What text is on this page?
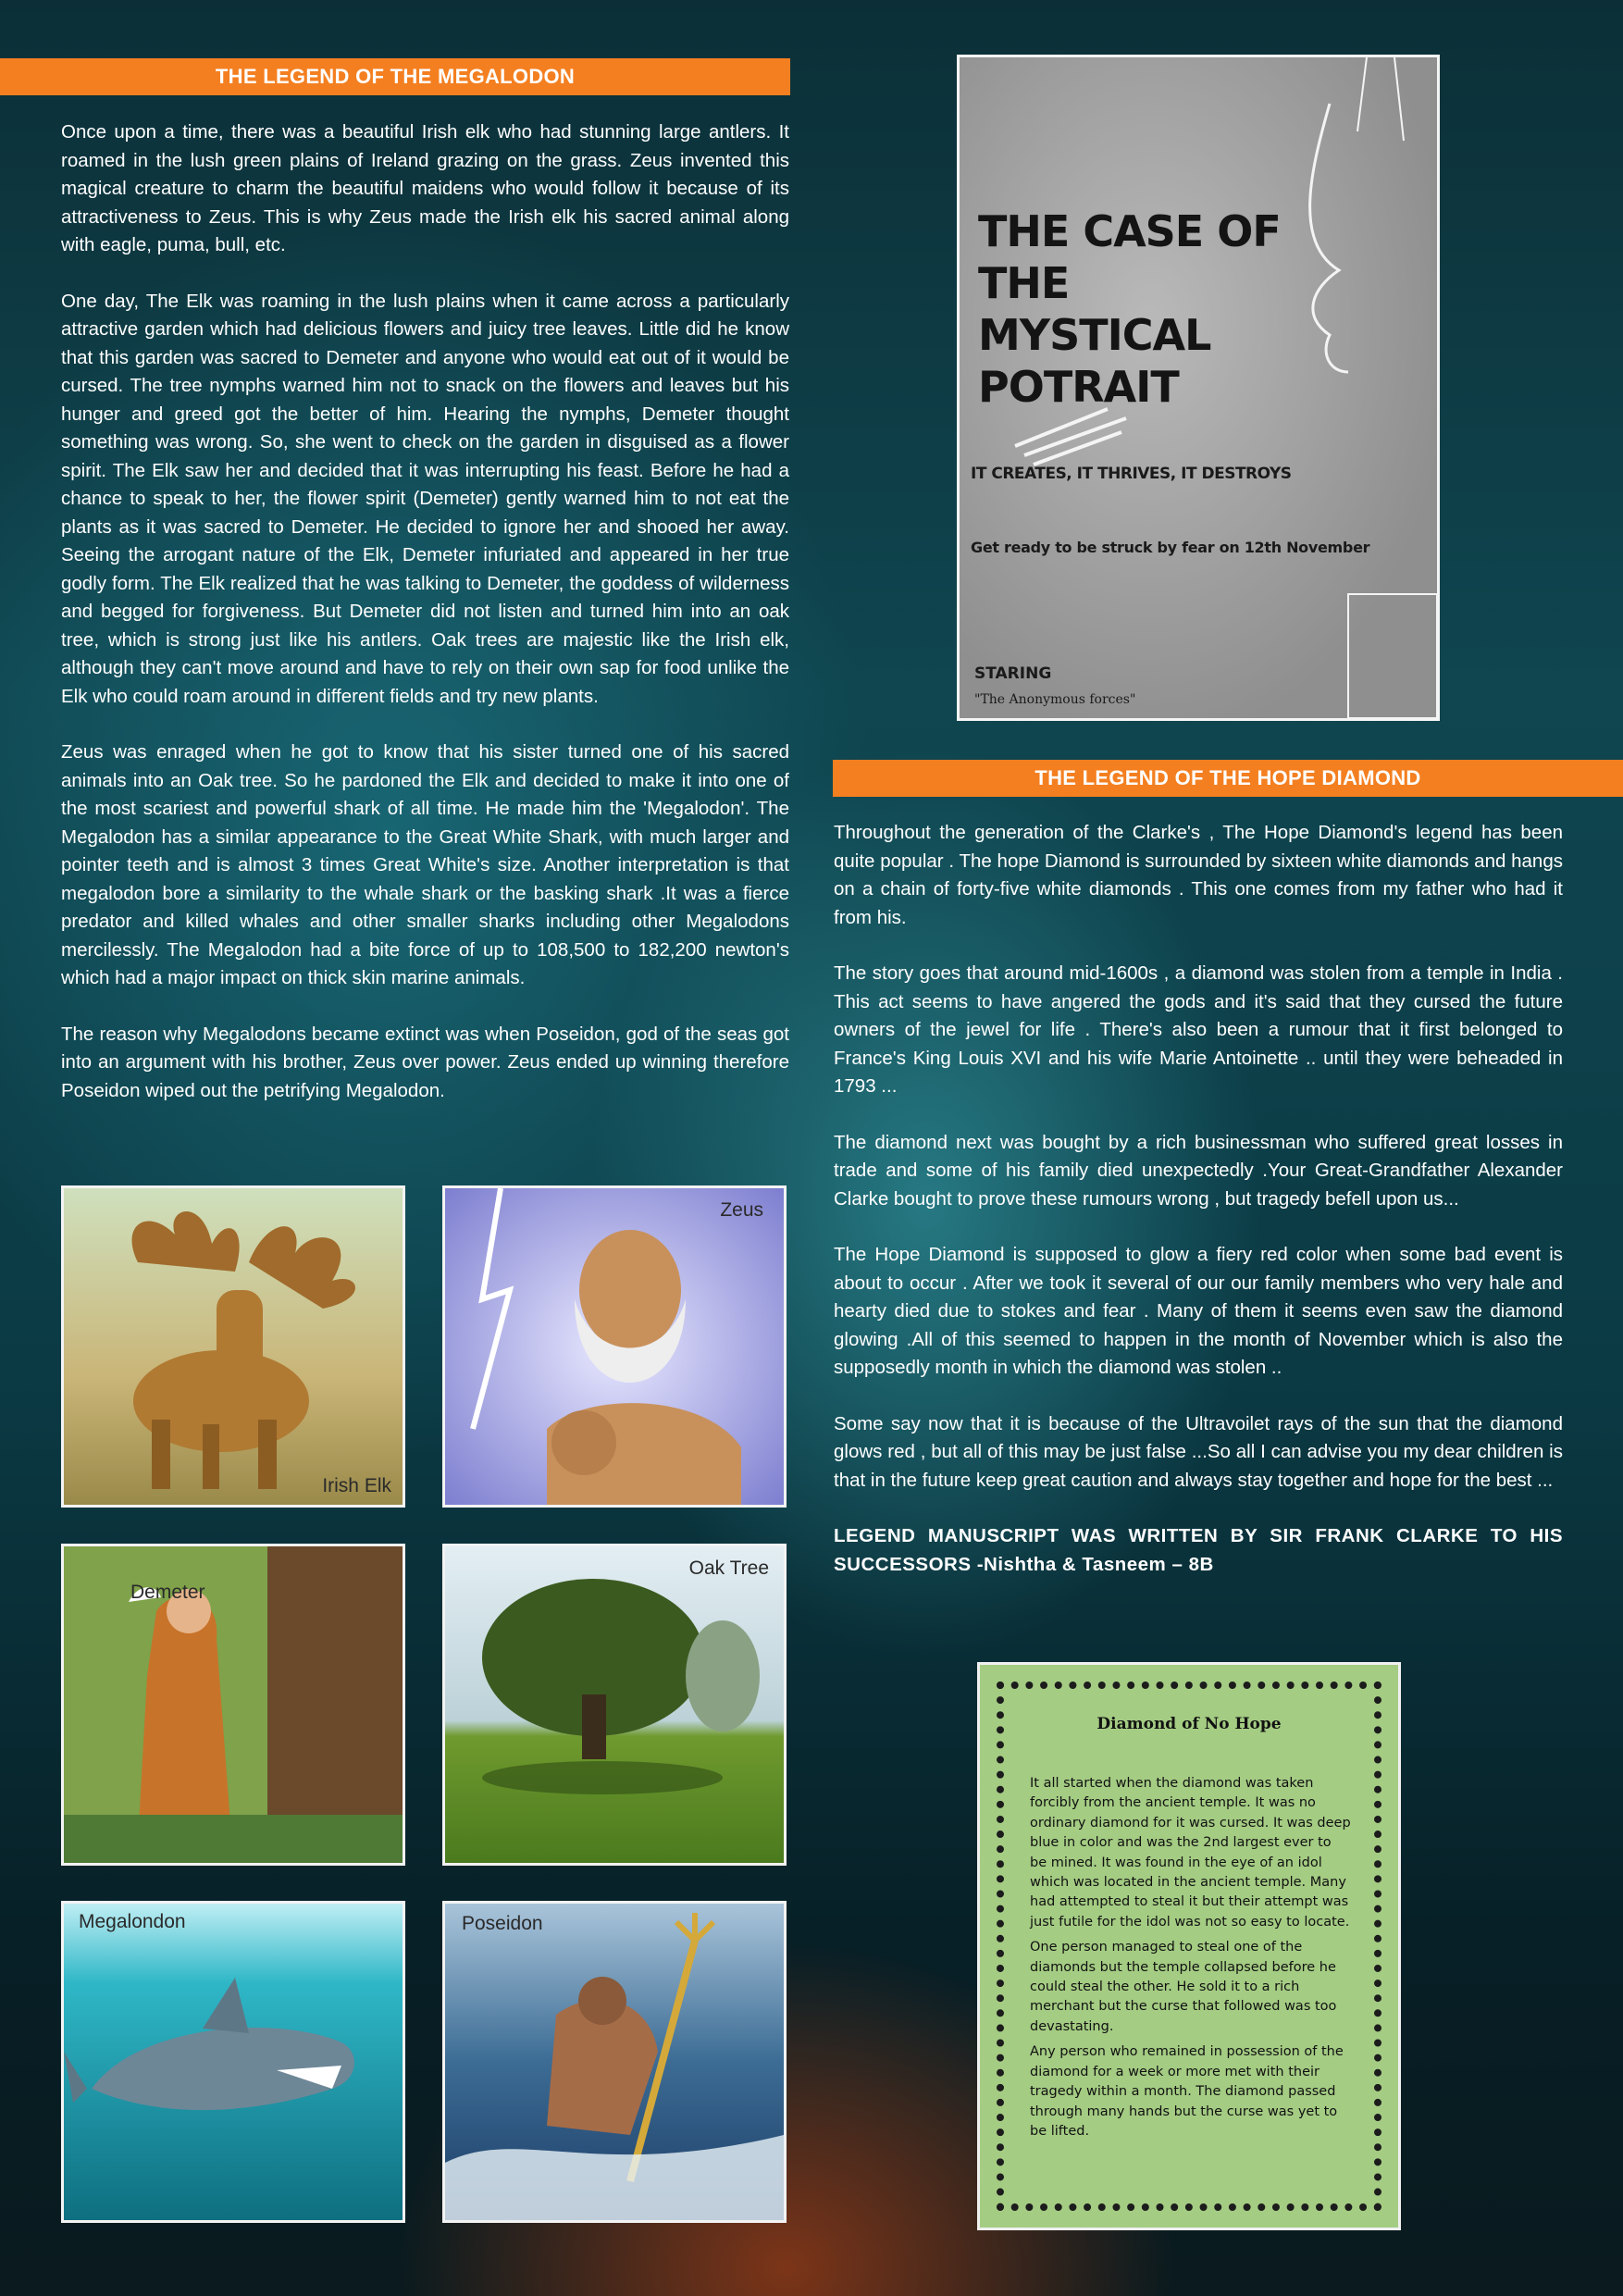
THE LEGEND OF THE MEGALODON

Once upon a time, there was a beautiful Irish elk who had stunning large antlers. It roamed in the lush green plains of Ireland grazing on the grass. Zeus invented this magical creature to charm the beautiful maidens who would follow it because of its attractiveness to Zeus. This is why Zeus made the Irish elk his sacred animal along with eagle, puma, bull, etc.

One day, The Elk was roaming in the lush plains when it came across a particularly attractive garden which had delicious flowers and juicy tree leaves. Little did he know that this garden was sacred to Demeter and anyone who would eat out of it would be cursed. The tree nymphs warned him not to snack on the flowers and leaves but his hunger and greed got the better of him. Hearing the nymphs, Demeter thought something was wrong. So, she went to check on the garden in disguised as a flower spirit. The Elk saw her and decided that it was interrupting his feast. Before he had a chance to speak to her, the flower spirit (Demeter) gently warned him to not eat the plants as it was sacred to Demeter. He decided to ignore her and shooed her away. Seeing the arrogant nature of the Elk, Demeter infuriated and appeared in her true godly form. The Elk realized that he was talking to Demeter, the goddess of wilderness and begged for forgiveness. But Demeter did not listen and turned him into an oak tree, which is strong just like his antlers. Oak trees are majestic like the Irish elk, although they can't move around and have to rely on their own sap for food unlike the Elk who could roam around in different fields and try new plants.

Zeus was enraged when he got to know that his sister turned one of his sacred animals into an Oak tree. So he pardoned the Elk and decided to make it into one of the most scariest and powerful shark of all time. He made him the 'Megalodon'. The Megalodon has a similar appearance to the Great White Shark, with much larger and pointer teeth and is almost 3 times Great White's size. Another interpretation is that megalodon bore a similarity to the whale shark or the basking shark .It was a fierce predator and killed whales and other smaller sharks including other Megalodons mercilessly. The Megalodon had a bite force of up to 108,500 to 182,200 newton's which had a major impact on thick skin marine animals.

The reason why Megalodons became extinct was when Poseidon, god of the seas got into an argument with his brother, Zeus over power. Zeus ended up winning therefore Poseidon wiped out the petrifying Megalodon.

Irish Elk
Zeus
Demeter
Oak Tree
Megalondon	Poseidon
THE CASE OF
THE MYSTICAL
POTRAIT
IT CREATES, IT THRIVES, IT DESTROYS
Get ready to be struck by fear on 12th November
STARING
"The Anonymous forces"
THE LEGEND OF THE HOPE DIAMOND

Throughout the generation of the Clarke's , The Hope Diamond's legend has been quite popular . The hope Diamond is surrounded by sixteen white diamonds and hangs on a chain of forty-five white diamonds . This one comes from my father who had it from his.

The story goes that around mid-1600s , a diamond was stolen from a temple in India . This act seems to have angered the gods and it's said that they cursed the future owners of the jewel for life . There's also been a rumour that it first belonged to France's King Louis XVI and his wife Marie Antoinette .. until they were beheaded in 1793 ...

The diamond next was bought by a rich businessman who suffered great losses in trade and some of his family died unexpectedly .Your Great-Grandfather Alexander Clarke bought to prove these rumours wrong , but tragedy befell upon us...

The Hope Diamond is supposed to glow a fiery red color when some bad event is about to occur . After we took it several of our our family members who very hale and hearty died due to stokes and fear . Many of them it seems even saw the diamond glowing .All of this seemed to happen in the month of November which is also the supposedly month in which the diamond was stolen ..

Some say now that it is because of the Ultravoilet rays of the sun that the diamond glows red , but all of this may be just false ...So all I can advise you my dear children is that in the future keep great caution and always stay together and hope for the best ...

LEGEND MANUSCRIPT WAS WRITTEN BY SIR FRANK CLARKE TO HIS SUCCESSORS -Nishtha & Tasneem – 8B

Diamond of No Hope

It all started when the diamond was taken forcibly from the ancient temple. It was no ordinary diamond for it was cursed. It was deep blue in color and was the 2nd largest ever to be mined. It was found in the eye of an idol which was located in the ancient temple. Many had attempted to steal it but their attempt was just futile for the idol was not so easy to locate.

One person managed to steal one of the diamonds but the temple collapsed before he could steal the other. He sold it to a rich merchant but the curse that followed was too devastating.

Any person who remained in possession of the diamond for a week or more met with their tragedy within a month. The diamond passed through many hands but the curse was yet to be lifted.
